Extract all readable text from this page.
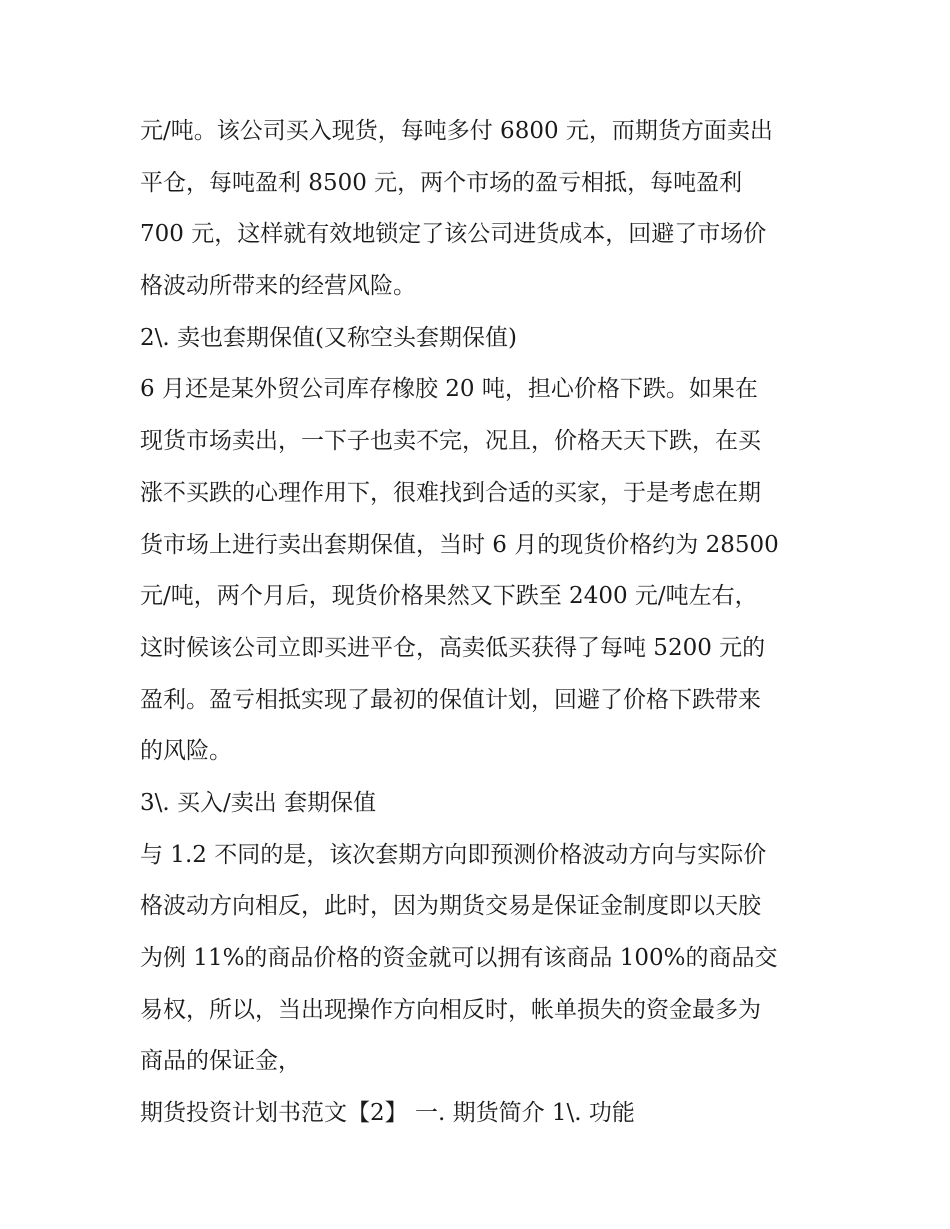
元/吨。该公司买入现货，每吨多付 6800 元，而期货方面卖出
平仓，每吨盈利 8500 元，两个市场的盈亏相抵，每吨盈利
700 元，这样就有效地锁定了该公司进货成本，回避了市场价
格波动所带来的经营风险。
2\. 卖也套期保值(又称空头套期保值)
6 月还是某外贸公司库存橡胶 20 吨，担心价格下跌。如果在
现货市场卖出，一下子也卖不完，况且，价格天天下跌，在买
涨不买跌的心理作用下，很难找到合适的买家，于是考虑在期
货市场上进行卖出套期保值，当时 6 月的现货价格约为 28500
元/吨，两个月后，现货价格果然又下跌至 2400 元/吨左右，
这时候该公司立即买进平仓，高卖低买获得了每吨 5200 元的
盈利。盈亏相抵实现了最初的保值计划，回避了价格下跌带来
的风险。
3\. 买入/卖出 套期保值
与 1.2 不同的是，该次套期方向即预测价格波动方向与实际价
格波动方向相反，此时，因为期货交易是保证金制度即以天胶
为例 11%的商品价格的资金就可以拥有该商品 100%的商品交
易权，所以，当出现操作方向相反时，帐单损失的资金最多为
商品的保证金，
期货投资计划书范文【2】 一. 期货简介 1\. 功能
